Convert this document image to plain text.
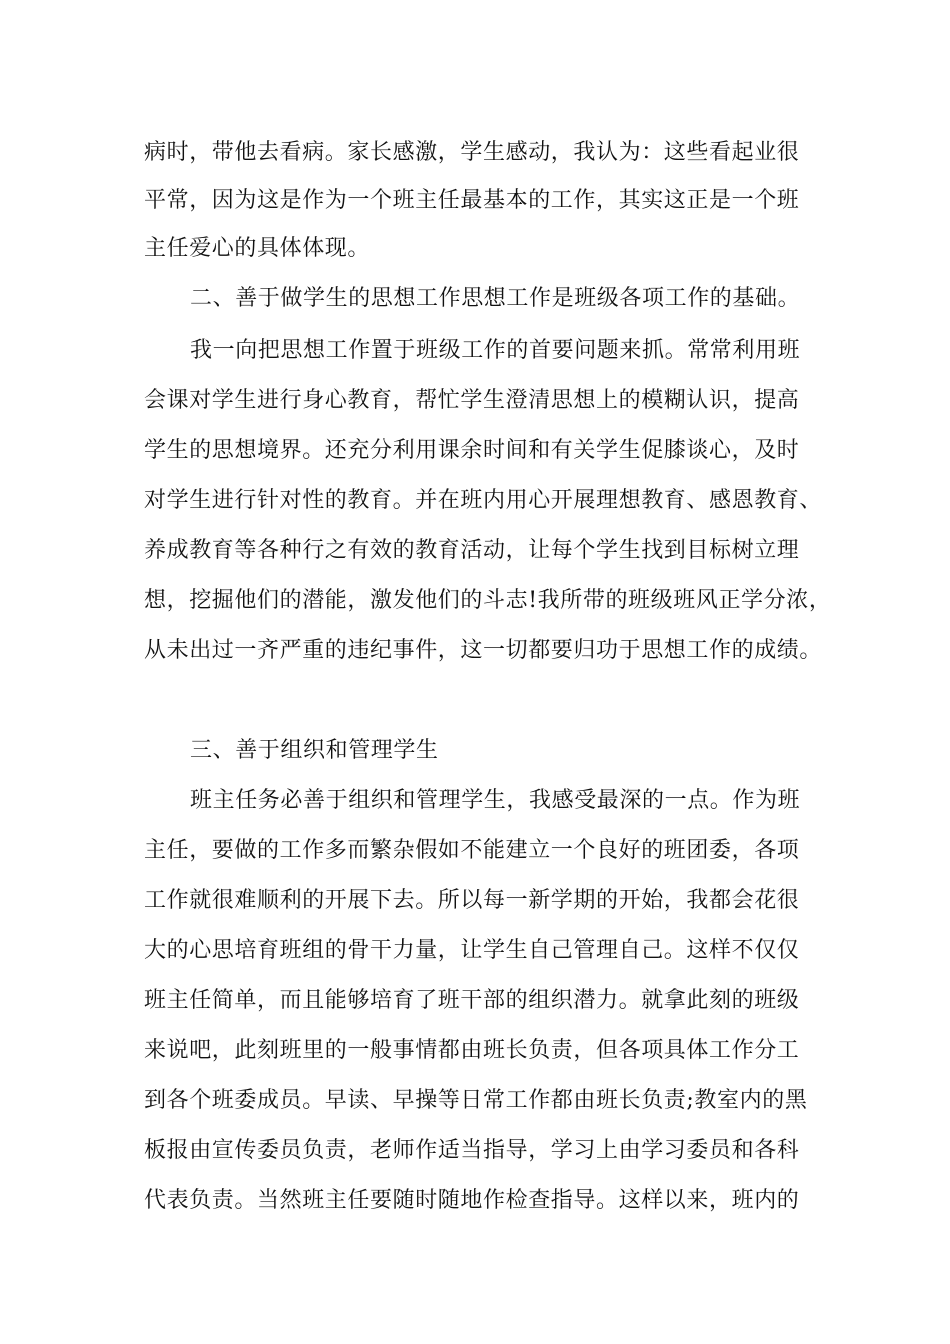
病时，带他去看病。家长感激，学生感动，我认为：这些看起业很
平常，因为这是作为一个班主任最基本的工作，其实这正是一个班
主任爱心的具体体现。
二、善于做学生的思想工作思想工作是班级各项工作的基础。
我一向把思想工作置于班级工作的首要问题来抓。常常利用班
会课对学生进行身心教育，帮忙学生澄清思想上的模糊认识，提高
学生的思想境界。还充分利用课余时间和有关学生促膝谈心，及时
对学生进行针对性的教育。并在班内用心开展理想教育、感恩教育、
养成教育等各种行之有效的教育活动，让每个学生找到目标树立理
想，挖掘他们的潜能，激发他们的斗志!我所带的班级班风正学分浓，
从未出过一齐严重的违纪事件，这一切都要归功于思想工作的成绩。
三、善于组织和管理学生
班主任务必善于组织和管理学生，我感受最深的一点。作为班
主任，要做的工作多而繁杂假如不能建立一个良好的班团委，各项
工作就很难顺利的开展下去。所以每一新学期的开始，我都会花很
大的心思培育班组的骨干力量，让学生自己管理自己。这样不仅仅
班主任简单，而且能够培育了班干部的组织潜力。就拿此刻的班级
来说吧，此刻班里的一般事情都由班长负责，但各项具体工作分工
到各个班委成员。早读、早操等日常工作都由班长负责;教室内的黑
板报由宣传委员负责，老师作适当指导，学习上由学习委员和各科
代表负责。当然班主任要随时随地作检查指导。这样以来，班内的
